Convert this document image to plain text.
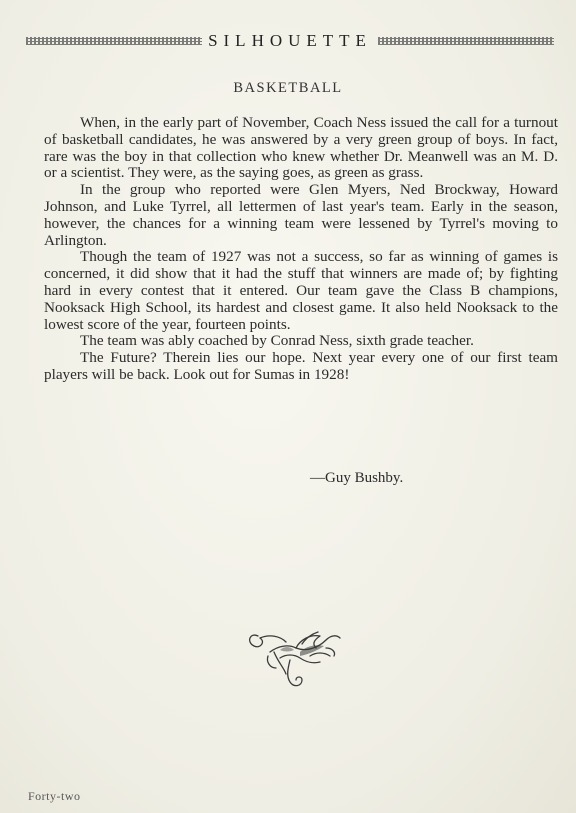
SILHOUETTE
BASKETBALL

When, in the early part of November, Coach Ness issued the call for a turnout of basketball candidates, he was answered by a very green group of boys. In fact, rare was the boy in that collection who knew whether Dr. Meanwell was an M. D. or a scientist. They were, as the saying goes, as green as grass.

In the group who reported were Glen Myers, Ned Brockway, Howard Johnson, and Luke Tyrrel, all lettermen of last year's team. Early in the season, however, the chances for a winning team were lessened by Tyrrel's moving to Arlington.

Though the team of 1927 was not a success, so far as winning of games is concerned, it did show that it had the stuff that winners are made of; by fighting hard in every contest that it entered. Our team gave the Class B champions, Nooksack High School, its hardest and closest game. It also held Nooksack to the lowest score of the year, fourteen points.

The team was ably coached by Conrad Ness, sixth grade teacher.

The Future? Therein lies our hope. Next year every one of our first team players will be back. Look out for Sumas in 1928!

—Guy Bushby.
Forty-two
